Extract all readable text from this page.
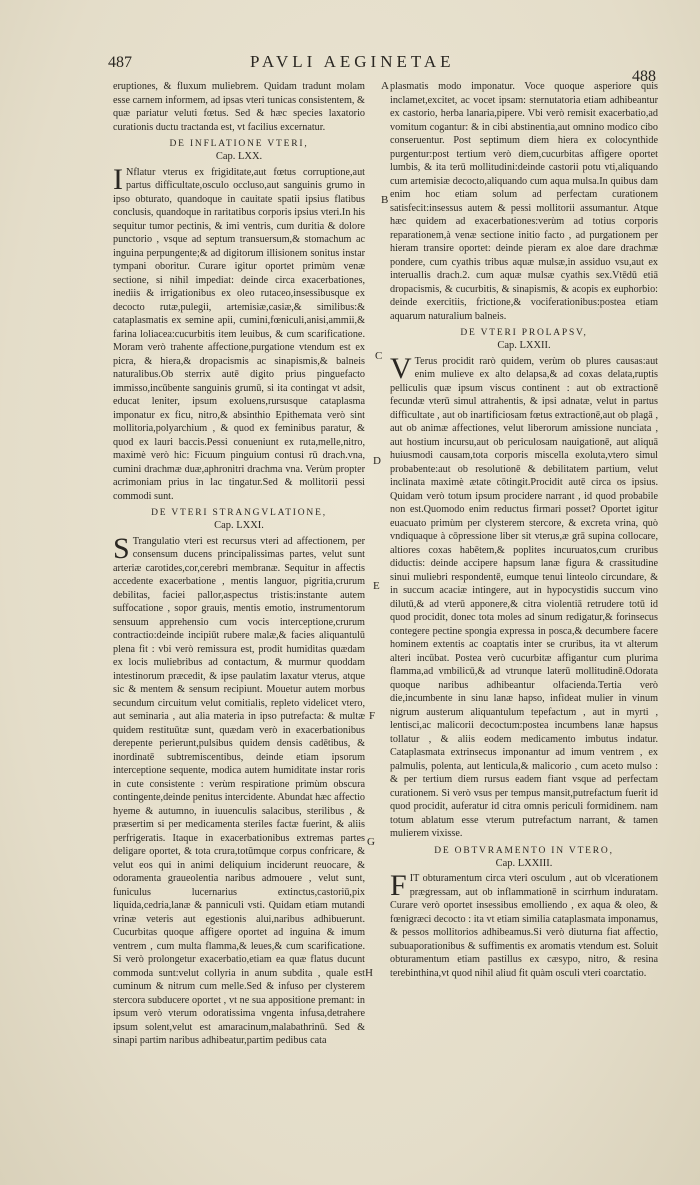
487	PAVLI AEGINETAE
488

eruptiones, & fluxum muliebrem. Quidam tradunt molam esse carnem informem, ad ipsas vteri tunicas consistentem, & quæ pariatur veluti fœtus. Sed & hæc species laxatorio curationis ductu tractanda est, vt facilius excernatur.

DE INFLATIONE VTERI,
Cap. LXX.

I Nflatur vterus ex frigiditate,aut fœtus corruptione,aut partus difficultate,osculo occluso,aut sanguinis grumo in ipso obturato, quandoque in cauitate spatii ipsius flatibus conclusis, quandoque in raritatibus corporis ipsius vteri.In his sequitur tumor pectinis, & imi ventris, cum duritia & dolore punctorio , vsque ad septum transuersum,& stomachum ac inguina perpungente;& ad digitorum illisionem sonitus instar tympani oboritur. Curare igitur oportet primùm venæ sectione, si nihil impediat: deinde circa exacerbationes, inediis & irrigationibus ex oleo rutaceo,insessibusque ex decocto rutæ,pulegii, artemisiæ,casiæ,& similibus:& cataplasmatis ex semine apii, cumini,fœniculi,anisi,ammii,& farina loliacea:cucurbitis item leuibus, & cum scarificatione. Moram verò trahente affectione,purgatione vtendum est ex picra, & hiera,& dropacismis ac sinapismis,& balneis naturalibus.Ob sterrix autē digito prius pinguefacto immisso,incūbente sanguinis grumū, si ita contingat vt adsit, educat leniter, ipsum exoluens,rursusque cataplasma imponatur ex ficu, nitro,& absinthio Epithemata verò sint mollitoria,polyarchium , & quod ex feminibus paratur, & quod ex lauri baccis.Pessi conueniunt ex ruta,melle,nitro, maximè verò hic: Ficuum pinguium contusi rū drach.vna, cumini drachmæ duæ,aphronitri drachma vna. Verùm propter acrimoniam prius in lac tingatur.Sed & mollitorii pessi commodi sunt.

DE VTERI STRANGVLATIONE,
Cap. LXXI.

S Trangulatio vteri est recursus vteri ad affectionem, per consensum ducens principalissimas partes, velut sunt arteriæ carotides,cor,cerebri membranæ. Sequitur in affectis accedente exacerbatione , mentis languor, pigritia,crurum debilitas, faciei pallor,aspectus tristis:instante autem suffocatione , sopor grauis, mentis emotio, instrumentorum sensuum apprehensio cum vocis interceptione,crurum contractio:deinde incipiūt rubere malæ,& facies aliquantulū plena fit : vbi verò remissura est, prodit humiditas quædam ex locis muliebribus ad contactum, & murmur quoddam intestinorum præcedit, & ipse paulatim laxatur vterus, atque sic & mentem & sensum recipiunt. Mouetur autem morbus secundum circuitum velut comitialis, repleto videlicet vtero, aut seminaria , aut alia materia in ipso putrefacta: & multæ quidem restituūtæ sunt, quædam verò in exacerbationibus derepente perierunt,pulsibus quidem densis cadētibus, & inordinatē subtremiscentibus, deinde etiam ipsorum interceptione sequente, modica autem humiditate instar roris in cute consistente : verùm respiratione primùm obscura contingente,deinde penitus intercidente. Abundat hæc affectio hyeme & autumno, in iuuenculis salacibus, sterilibus , & præsertim si per medicamenta steriles factæ fuerint, & aliis perfrigeratis. Itaque in exacerbationibus extremas partes deligare oportet, & tota crura,totūmque corpus confricare, & velut eos qui in animi deliquium inciderunt reuocare, & odoramenta graueolentia naribus admouere , velut sunt, funiculus lucernarius extinctus,castoriū,pix liquida,cedria,lanæ & panniculi vsti. Quidam etiam mutandi vrinæ veteris aut egestionis alui,naribus adhibuerunt. Cucurbitas quoque affigere oportet ad inguina & imum ventrem , cum multa flamma,& leues,& cum scarificatione. Si verò prolongetur exacerbatio,etiam ea quæ flatus ducunt commoda sunt:velut collyria in anum subdita , quale est cuminum & nitrum cum melle.Sed & infuso per clysterem stercora subducere oportet , vt ne sua appositione premant: in ipsum verò vterum odoratissima vngenta infusa,detrahere ipsum solent,velut est amaracinum,malabathrinū. Sed & sinapi partim naribus adhibeatur,partim pedibus cata

A
B
C
D
E
F
G
H

plasmatis modo imponatur. Voce quoque asperiore quis inclamet,excitet, ac vocet ipsam: sternutatoria etiam adhibeantur ex castorio, herba lanaria,pipere. Vbi verò remisit exacerbatio,ad vomitum cogantur: & in cibi abstinentia,aut omnino modico cibo conseruentur. Post septimum diem hiera ex colocynthide purgentur:post tertium verò diem,cucurbitas affigere oportet lumbis, & ita terū mollitudini:deinde castorii potu vti,aliquando cum artemisiæ decocto,aliquando cum aqua mulsa.In quibus dam enim hoc etiam solum ad perfectam curationem satisfecit:insessus autem & pessi mollitorii assumantur. Atque hæc quidem ad exacerbationes:verùm ad totius corporis reparationem,à venæ sectione initio facto , ad purgationem per hieram transire oportet: deinde pieram ex aloe dare drachmæ pondere, cum cyathis tribus aquæ mulsæ,in assiduo vsu,aut ex interuallis drach.2. cum aquæ mulsæ cyathis sex.Vtēdū etiā dropacismis, & cucurbitis, & sinapismis, & acopis ex euphorbio: deinde exercitiis, frictione,& vociferationibus:postea etiam aquarum naturalium balneis.

DE VTERI PROLAPSV,
Cap. LXXII.

V Terus procidit rarò quidem, verùm ob plures causas:aut enim mulieve ex alto delapsa,& ad coxas delata,ruptis pelliculis quæ ipsum viscus continent : aut ob extractionē fecundæ vterū simul attrahentis, & ipsi adnatæ, velut in partus difficultate , aut ob inartificiosam fœtus extractionē,aut ob plagā , aut ob animæ affectiones, velut liberorum amissione nunciata , aut hostium incursu,aut ob periculosam nauigationē, aut aliquā huiusmodi causam,tota corporis miscella exoluta,vtero simul probabente:aut ob resolutionē & debilitatem partium, velut inclinata maximè ætate cōtingit.Procidit autē circa os ipsius. Quidam verò totum ipsum procidere narrant , id quod probabile non est.Quomodo enim reductus firmari posset? Oportet igitur euacuato primùm per clysterem stercore, & excreta vrina, quò vndiquaque à cōpressione liber sit vterus,æ grā supina collocare, altiores coxas habētem,& poplites incuruatos,cum cruribus diductis: deinde accipere hapsum lanæ figura & crassitudine sinui muliebri respondentē, eumque tenui linteolo circundare, & in succum acaciæ intingere, aut in hypocystidis succum vino dilutū,& ad vterū apponere,& citra violentiā retrudere totū id quod procidit, donec tota moles ad sinum redigatur,& forinsecus contegere pectine spongia expressa in posca,& decumbere facere hominem extentis ac coaptatis inter se cruribus, ita vt alterum alteri incūbat. Postea verò cucurbitæ affigantur cum plurima flamma,ad vmbilicū,& ad vtrunque laterū mollitudinē.Odorata quoque naribus adhibeantur olfacienda.Tertia verò die,incumbente in sinu lanæ hapso, infideat mulier in vinum nigrum austerum aliquantulum tepefactum , aut in myrti , lentisci,ac malicorii decoctum:postea incumbens lanæ hapsus tollatur , & aliis eodem medicamento imbutus indatur. Cataplasmata extrinsecus imponantur ad imum ventrem , ex palmulis, polenta, aut lenticula,& malicorio , cum aceto mulso : & per tertium diem rursus eadem fiant vsque ad perfectam curationem. Si verò vsus per tempus mansit,putrefactum fuerit id quod procidit, auferatur id citra omnis periculi formidinem. nam totum ablatum esse vterum putrefactum narrant, & tamen mulierem vixisse.

DE OBTVRAMENTO IN VTERO,
Cap. LXXIII.

FIT obturamentum circa vteri osculum , aut ob vlcerationem prægressam, aut ob inflammationē in scirrhum induratam. Curare verò oportet insessibus emolliendo , ex aqua & oleo, & fœnigræci decocto : ita vt etiam similia cataplasmata imponamus, & pessos mollitorios adhibeamus.Si verò diuturna fiat affectio, subuaporationibus & suffimentis ex aromatis vtendum est. Soluit obturamentum etiam pastillus ex cæsypo, nitro, & resina terebinthina,vt quod nihil aliud fit quàm osculi vteri coarctatio.
